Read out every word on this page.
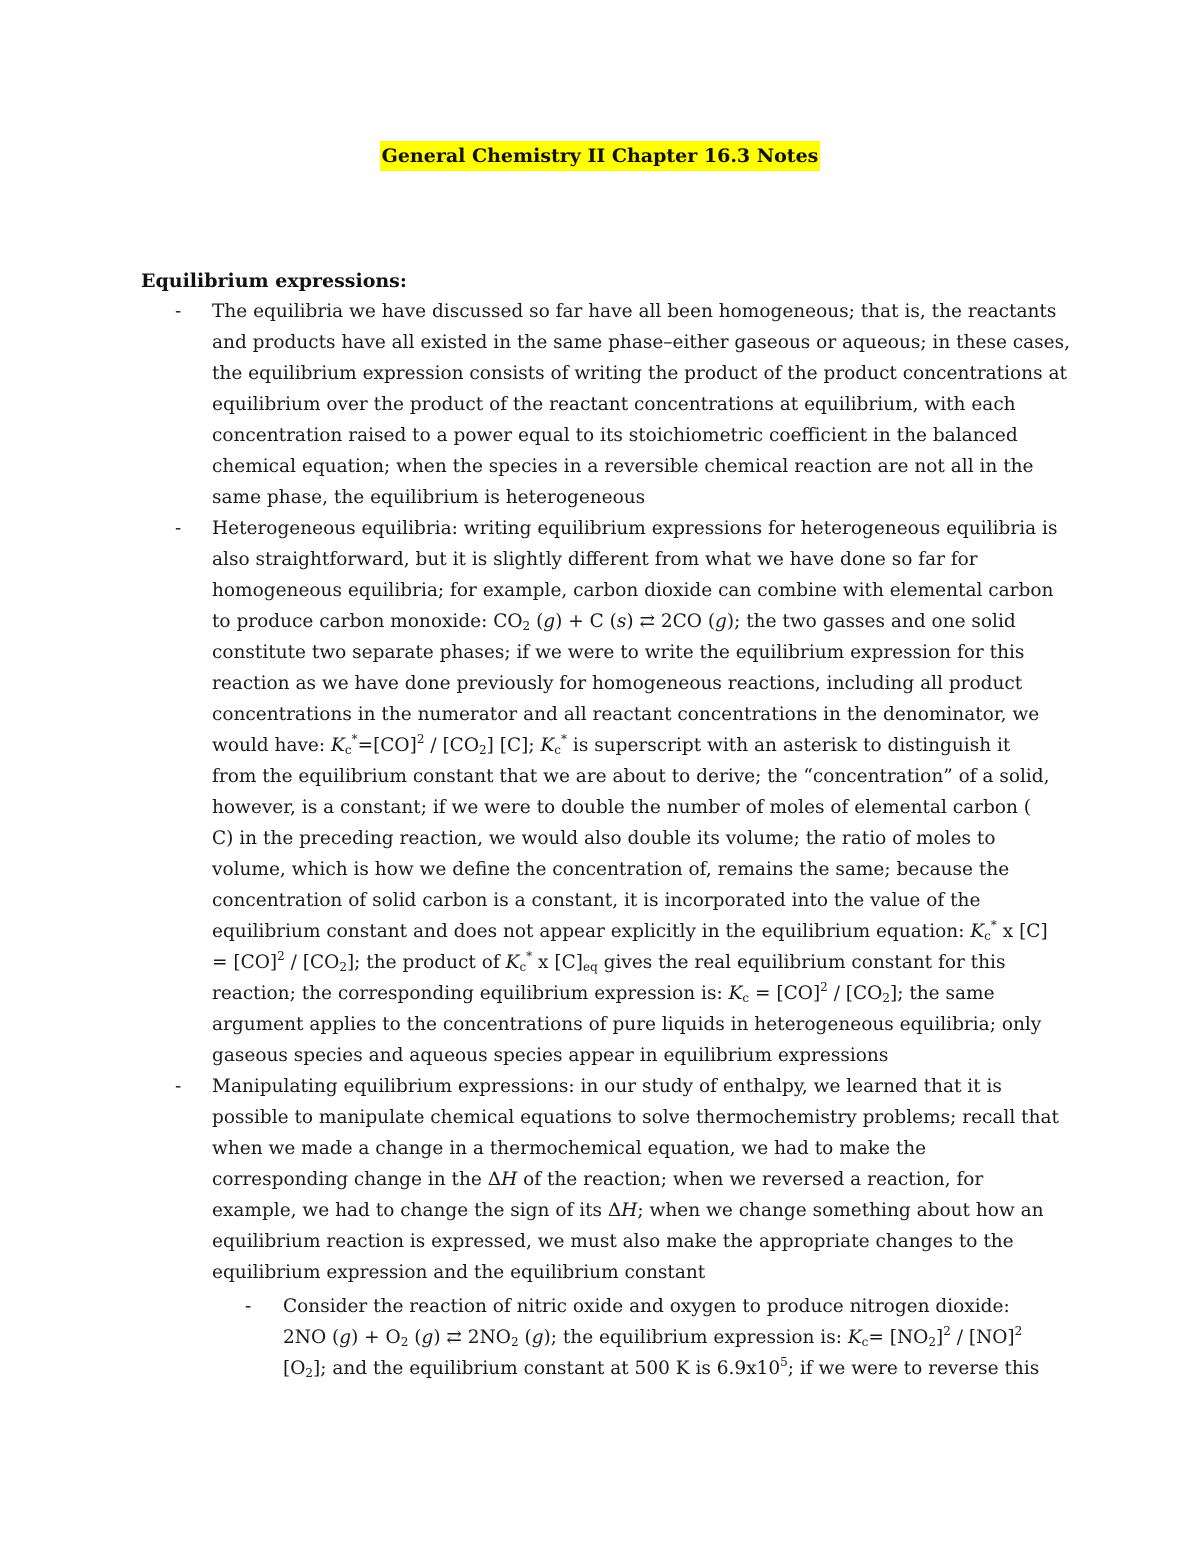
General Chemistry II Chapter 16.3 Notes
Equilibrium expressions:
-	The equilibria we have discussed so far have all been homogeneous; that is, the reactants
and products have all existed in the same phase–either gaseous or aqueous; in these cases,
the equilibrium expression consists of writing the product of the product concentrations at
equilibrium over the product of the reactant concentrations at equilibrium, with each
concentration raised to a power equal to its stoichiometric coefficient in the balanced
chemical equation; when the species in a reversible chemical reaction are not all in the
same phase, the equilibrium is heterogeneous
-	Heterogeneous equilibria: writing equilibrium expressions for heterogeneous equilibria is
also straightforward, but it is slightly different from what we have done so far for
homogeneous equilibria; for example, carbon dioxide can combine with elemental carbon
to produce carbon monoxide: $CO_2$ (g) + C (s) ⇄ 2CO (g); the two gasses and one solid
constitute two separate phases; if we were to write the equilibrium expression for this
reaction as we have done previously for homogeneous reactions, including all product
concentrations in the numerator and all reactant concentrations in the denominator, we
would have: $K_c^*=[CO]^2 / [CO_2]$ [C]; $K_c^*$ is superscript with an asterisk to distinguish it
from the equilibrium constant that we are about to derive; the “concentration” of a solid,
however, is a constant; if we were to double the number of moles of elemental carbon (
C) in the preceding reaction, we would also double its volume; the ratio of moles to
volume, which is how we define the concentration of, remains the same; because the
concentration of solid carbon is a constant, it is incorporated into the value of the
equilibrium constant and does not appear explicitly in the equilibrium equation: $K_c^*$ x [C]
= $[CO]^2 / [CO_2]$; the product of $K_c^*$ x $[C]_{eq}$ gives the real equilibrium constant for this
reaction; the corresponding equilibrium expression is: $K_c = [CO]^2 / [CO_2]$; the same
argument applies to the concentrations of pure liquids in heterogeneous equilibria; only
gaseous species and aqueous species appear in equilibrium expressions
-	Manipulating equilibrium expressions: in our study of enthalpy, we learned that it is
possible to manipulate chemical equations to solve thermochemistry problems; recall that
when we made a change in a thermochemical equation, we had to make the
corresponding change in the ΔH of the reaction; when we reversed a reaction, for
example, we had to change the sign of its ΔH; when we change something about how an
equilibrium reaction is expressed, we must also make the appropriate changes to the
equilibrium expression and the equilibrium constant
- Consider the reaction of nitric oxide and oxygen to produce nitrogen dioxide:
2NO $(g) + O_2$ (g) ⇄ $2NO_2$ (g); the equilibrium expression is: $K_c= [NO_2]^2 / [NO]^2$
$[O_2]$; and the equilibrium constant at 500 K is $6.9x10^5$; if we were to reverse this
